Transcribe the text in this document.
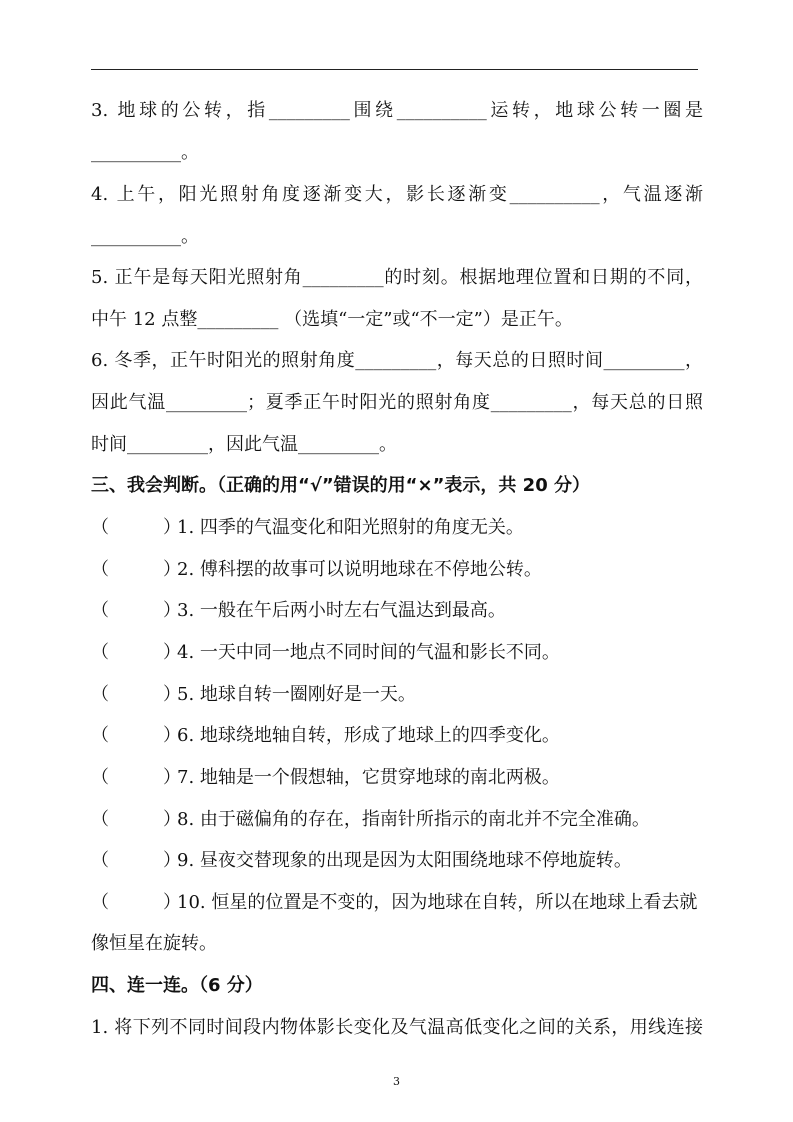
3. 地球的公转，指_________围绕__________运转，地球公转一圈是
__________。
4. 上午，阳光照射角度逐渐变大，影长逐渐变__________，气温逐渐
__________。
5. 正午是每天阳光照射角_________的时刻。根据地理位置和日期的不同，
中午 12 点整_________ （选填“一定”或“不一定”）是正午。
6. 冬季，正午时阳光的照射角度_________，每天总的日照时间_________，
因此气温_________；夏季正午时阳光的照射角度_________，每天总的日照
时间_________，因此气温_________。
三、我会判断。（正确的用“√”错误的用“×”表示，共 20 分）
（	）1. 四季的气温变化和阳光照射的角度无关。
（	）2. 傅科摆的故事可以说明地球在不停地公转。
（	）3. 一般在午后两小时左右气温达到最高。
（	）4. 一天中同一地点不同时间的气温和影长不同。
（	）5. 地球自转一圈刚好是一天。
（	）6. 地球绕地轴自转，形成了地球上的四季变化。
（	）7. 地轴是一个假想轴，它贯穿地球的南北两极。
（	）8. 由于磁偏角的存在，指南针所指示的南北并不完全准确。
（	）9. 昼夜交替现象的出现是因为太阳围绕地球不停地旋转。
（	）10. 恒星的位置是不变的，因为地球在自转，所以在地球上看去就
像恒星在旋转。
四、连一连。（6 分）
1. 将下列不同时间段内物体影长变化及气温高低变化之间的关系，用线连接
3
